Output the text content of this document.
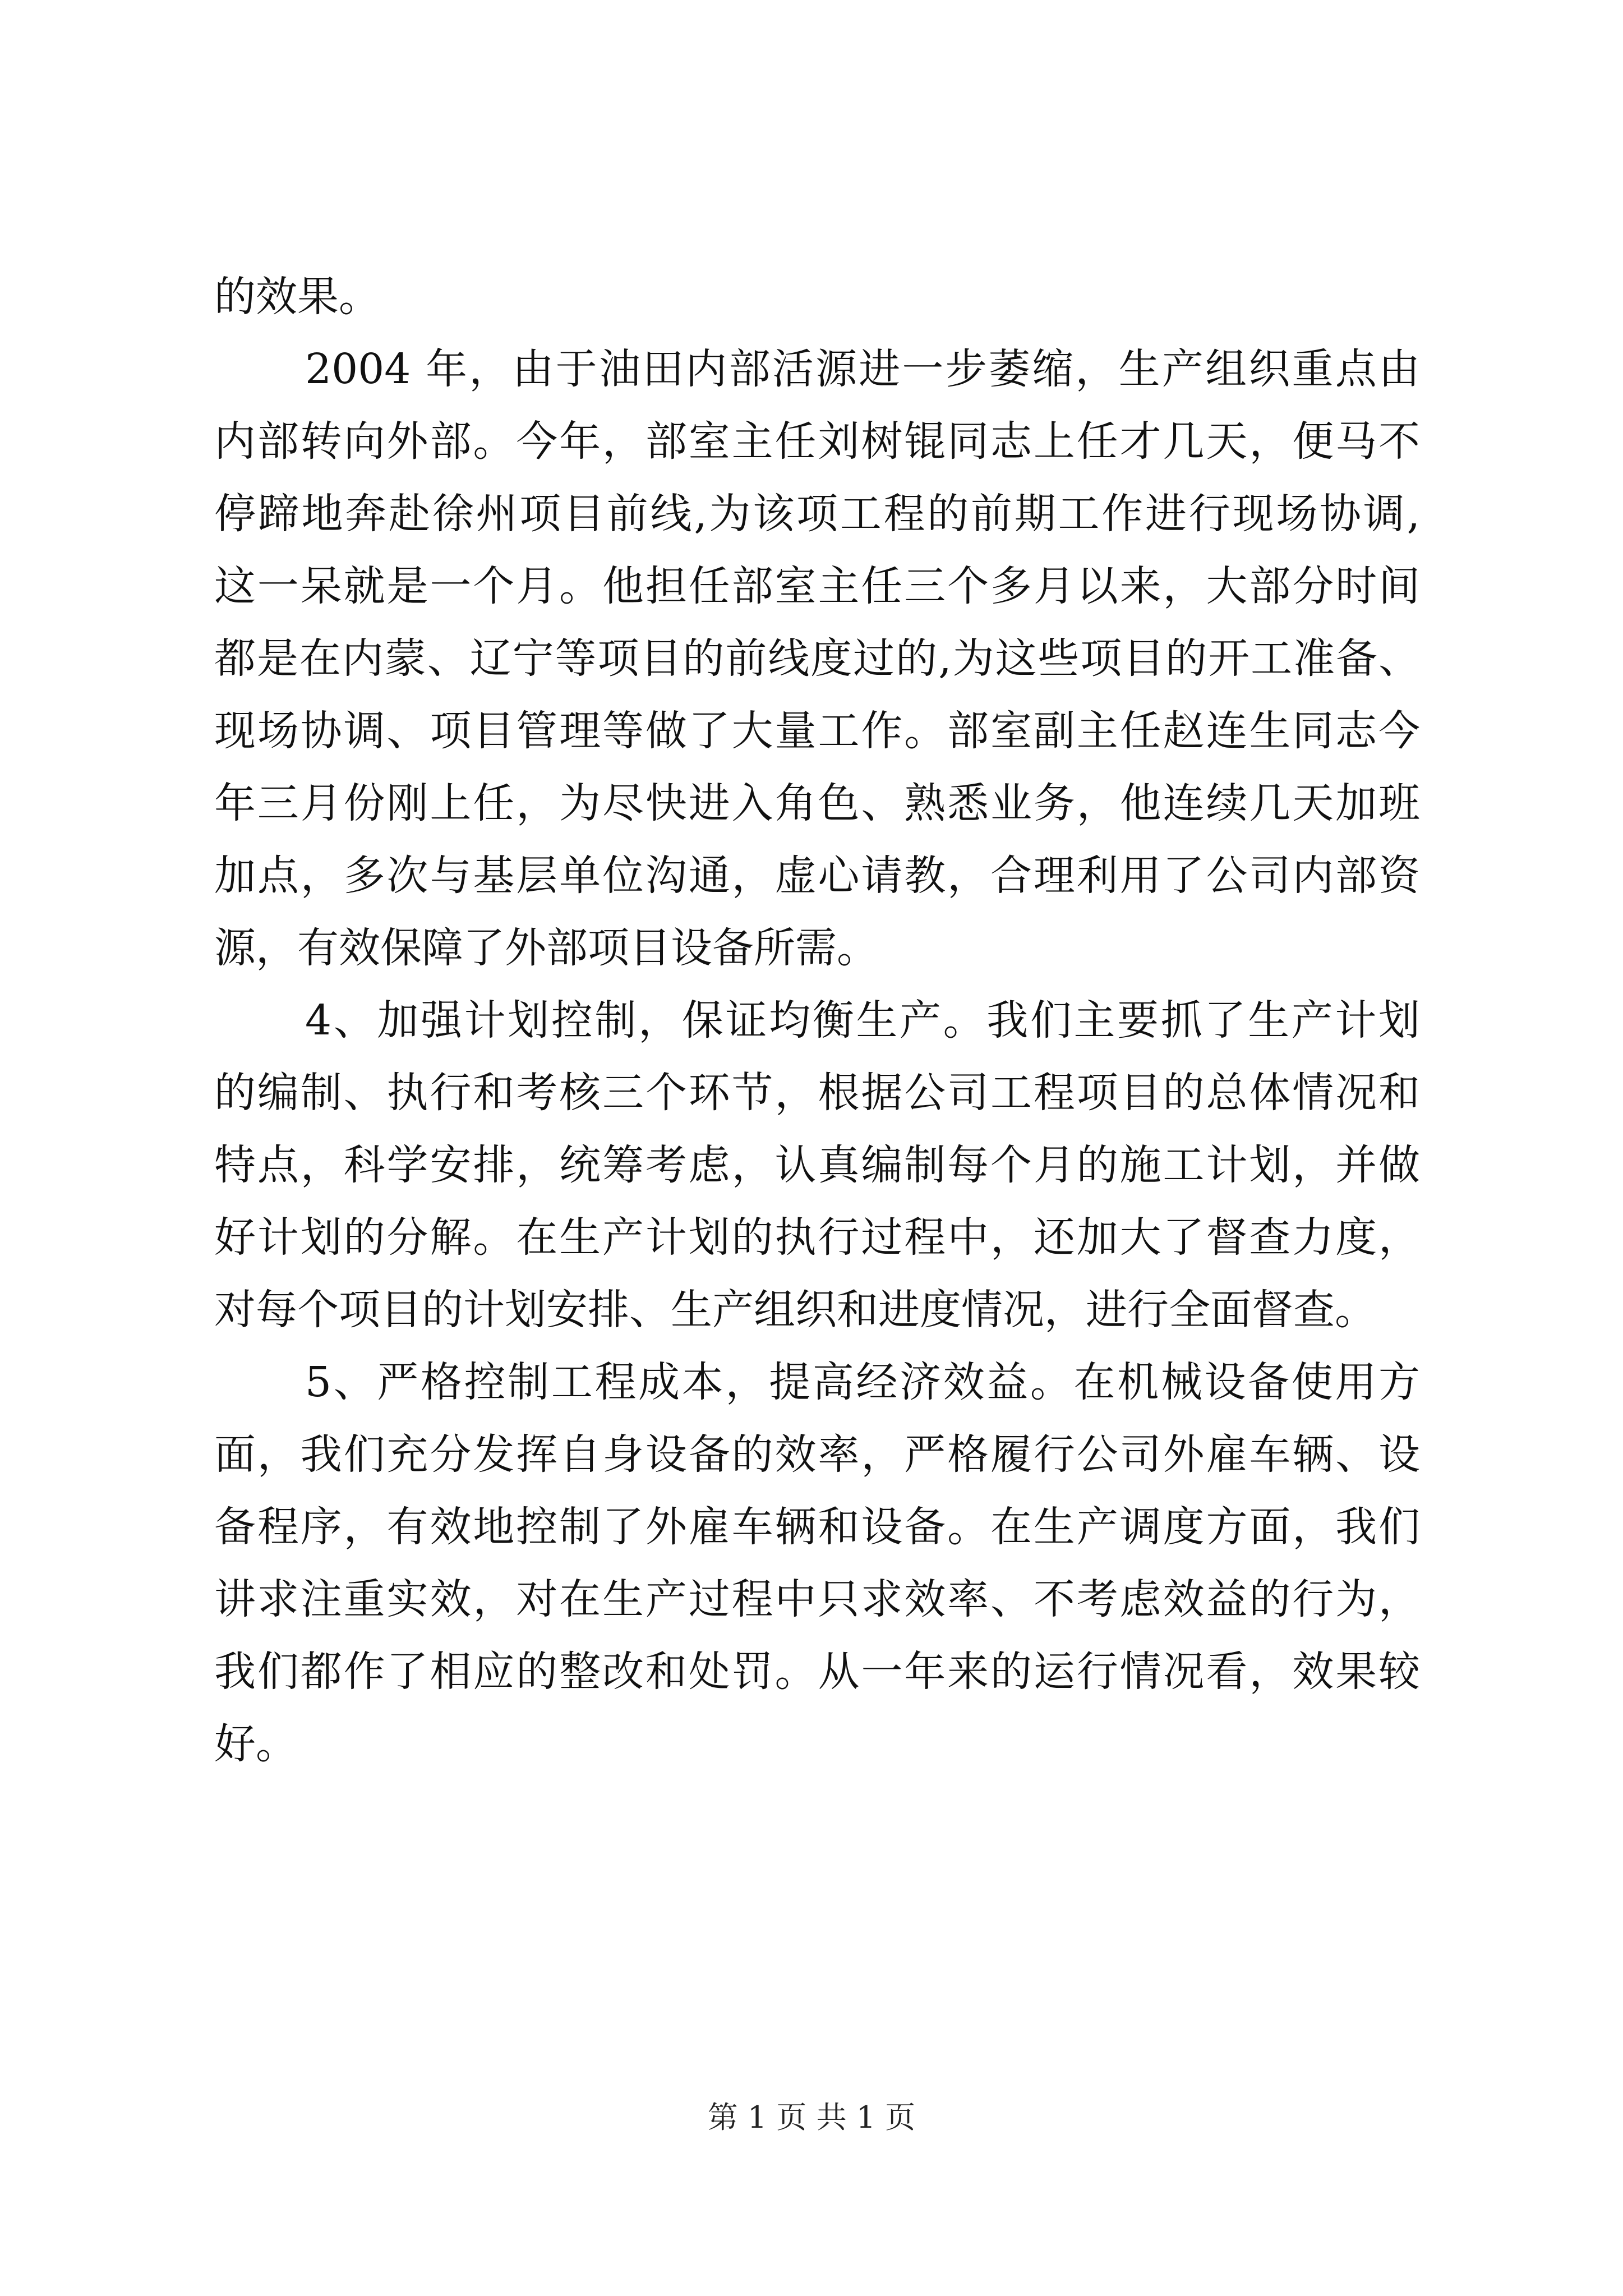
的效果。
2004 年，由于油田内部活源进一步萎缩，生产组织重点由
内部转向外部。今年，部室主任刘树锟同志上任才几天，便马不
停蹄地奔赴徐州项目前线,为该项工程的前期工作进行现场协调,
这一呆就是一个月。他担任部室主任三个多月以来，大部分时间
都是在内蒙、辽宁等项目的前线度过的,为这些项目的开工准备、
现场协调、项目管理等做了大量工作。部室副主任赵连生同志今
年三月份刚上任，为尽快进入角色、熟悉业务，他连续几天加班
加点，多次与基层单位沟通，虚心请教，合理利用了公司内部资
源，有效保障了外部项目设备所需。
4、加强计划控制，保证均衡生产。我们主要抓了生产计划
的编制、执行和考核三个环节，根据公司工程项目的总体情况和
特点，科学安排，统筹考虑，认真编制每个月的施工计划，并做
好计划的分解。在生产计划的执行过程中，还加大了督查力度，
对每个项目的计划安排、生产组织和进度情况，进行全面督查。
5、严格控制工程成本，提高经济效益。在机械设备使用方
面，我们充分发挥自身设备的效率，严格履行公司外雇车辆、设
备程序，有效地控制了外雇车辆和设备。在生产调度方面，我们
讲求注重实效，对在生产过程中只求效率、不考虑效益的行为，
我们都作了相应的整改和处罚。从一年来的运行情况看，效果较
好。
第 1 页 共 1 页
